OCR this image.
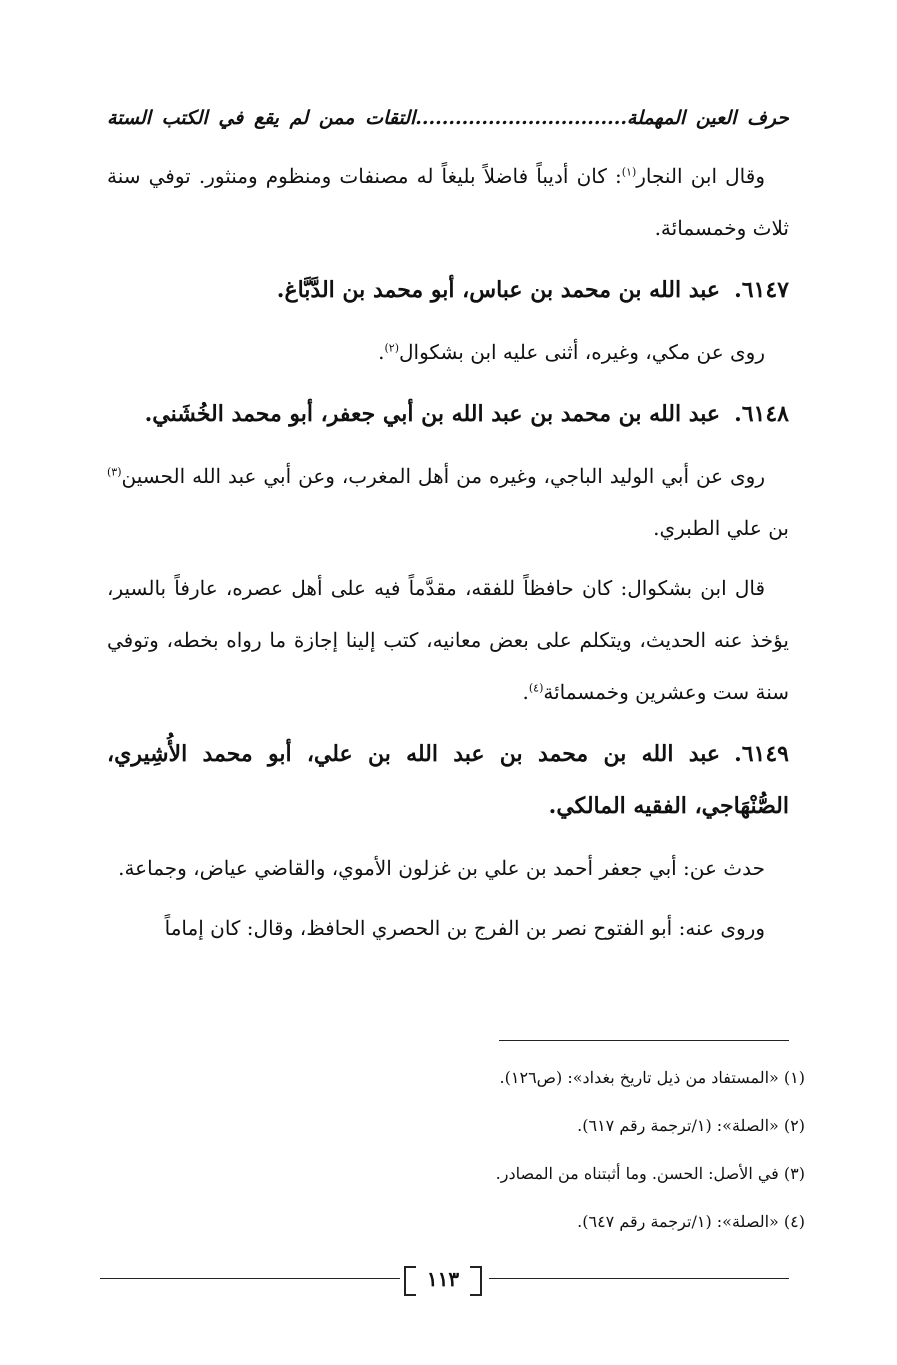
حرف العين المهملة................................التقات ممن لم يقع في الكتب الستة

وقال ابن النجار$^{(١)}$: كان أديباً فاضلاً بليغاً له مصنفات ومنظوم ومنثور. توفي سنة ثلاث وخمسمائة.

٦١٤٧.عبد الله بن محمد بن عباس، أبو محمد بن الدَّبَّاغ.

روى عن مكي، وغيره، أثنى عليه ابن بشكوال$^{(٢)}$.

٦١٤٨.عبد الله بن محمد بن عبد الله بن أبي جعفر، أبو محمد الخُشَني.

روى عن أبي الوليد الباجي، وغيره من أهل المغرب، وعن أبي عبد الله الحسين$^{(٣)}$ بن علي الطبري.

قال ابن بشكوال: كان حافظاً للفقه، مقدَّماً فيه على أهل عصره، عارفاً بالسير، يؤخذ عنه الحديث، ويتكلم على بعض معانيه، كتب إلينا إجازة ما رواه بخطه، وتوفي سنة ست وعشرين وخمسمائة$^{(٤)}$.

٦١٤٩.عبد الله بن محمد بن عبد الله بن علي، أبو محمد الأُشِيري، الصُّنْهَاجي، الفقيه المالكي.

حدث عن: أبي جعفر أحمد بن علي بن غزلون الأموي، والقاضي عياض، وجماعة.

وروى عنه: أبو الفتوح نصر بن الفرج بن الحصري الحافظ، وقال: كان إماماً

(١) «المستفاد من ذيل تاريخ بغداد»: (ص١٢٦).

(٢) «الصلة»: (١/ترجمة رقم ٦١٧).

(٣) في الأصل: الحسن. وما أثبتناه من المصادر.

(٤) «الصلة»: (١/ترجمة رقم ٦٤٧).

١١٣
